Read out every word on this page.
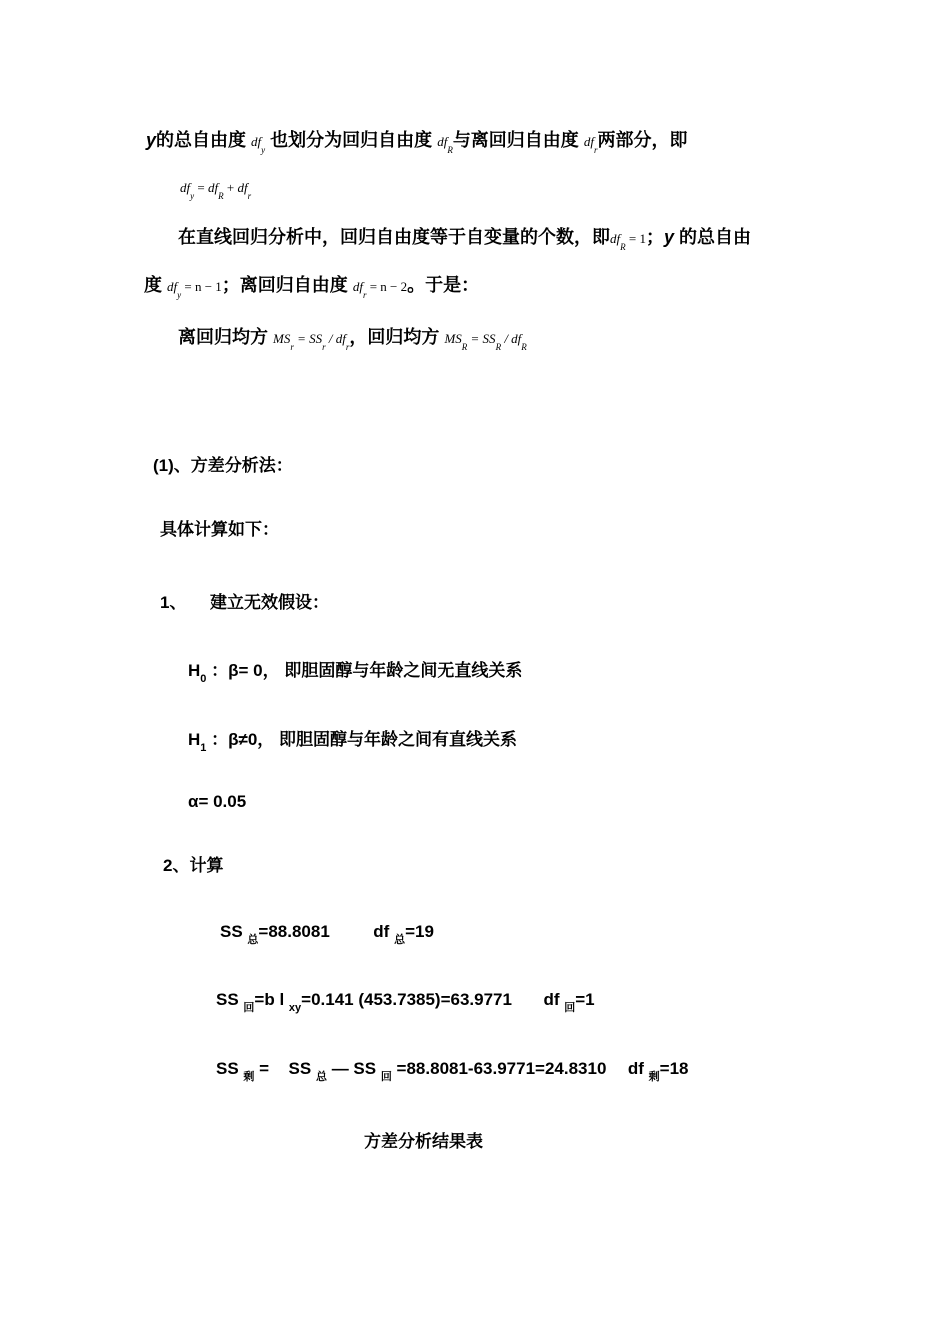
y的总自由度 $df_y$ 也划分为回归自由度 $df_R$与离回归自由度 $df_r$两部分，即
$df_y = df_R + df_r$
在直线回归分析中，回归自由度等于自变量的个数，即$df_R = 1$；y 的总自由
度 $df_y = n - 1$；离回归自由度 $df_r = n - 2$。于是：
离回归均方 $MS_r = SS_r / df_r$，回归均方 $MS_R = SS_R / df_R$
(1)、方差分析法：
具体计算如下：
1、 建立无效假设：
$H_0$ ：β= 0， 即胆固醇与年龄之间无直线关系
$H_1$ ：β≠0， 即胆固醇与年龄之间有直线关系
α= 0.05
2、计算
SS $_总$=88.8081	df $_总$=19
SS $_回$=b l $_{xy}$=0.141 (453.7385)=63.9771 df $_回$=1
SS $_剩$ = SS $_总$ — SS $_回$ =88.8081-63.9771=24.8310 df $_剩$=18
方差分析结果表
